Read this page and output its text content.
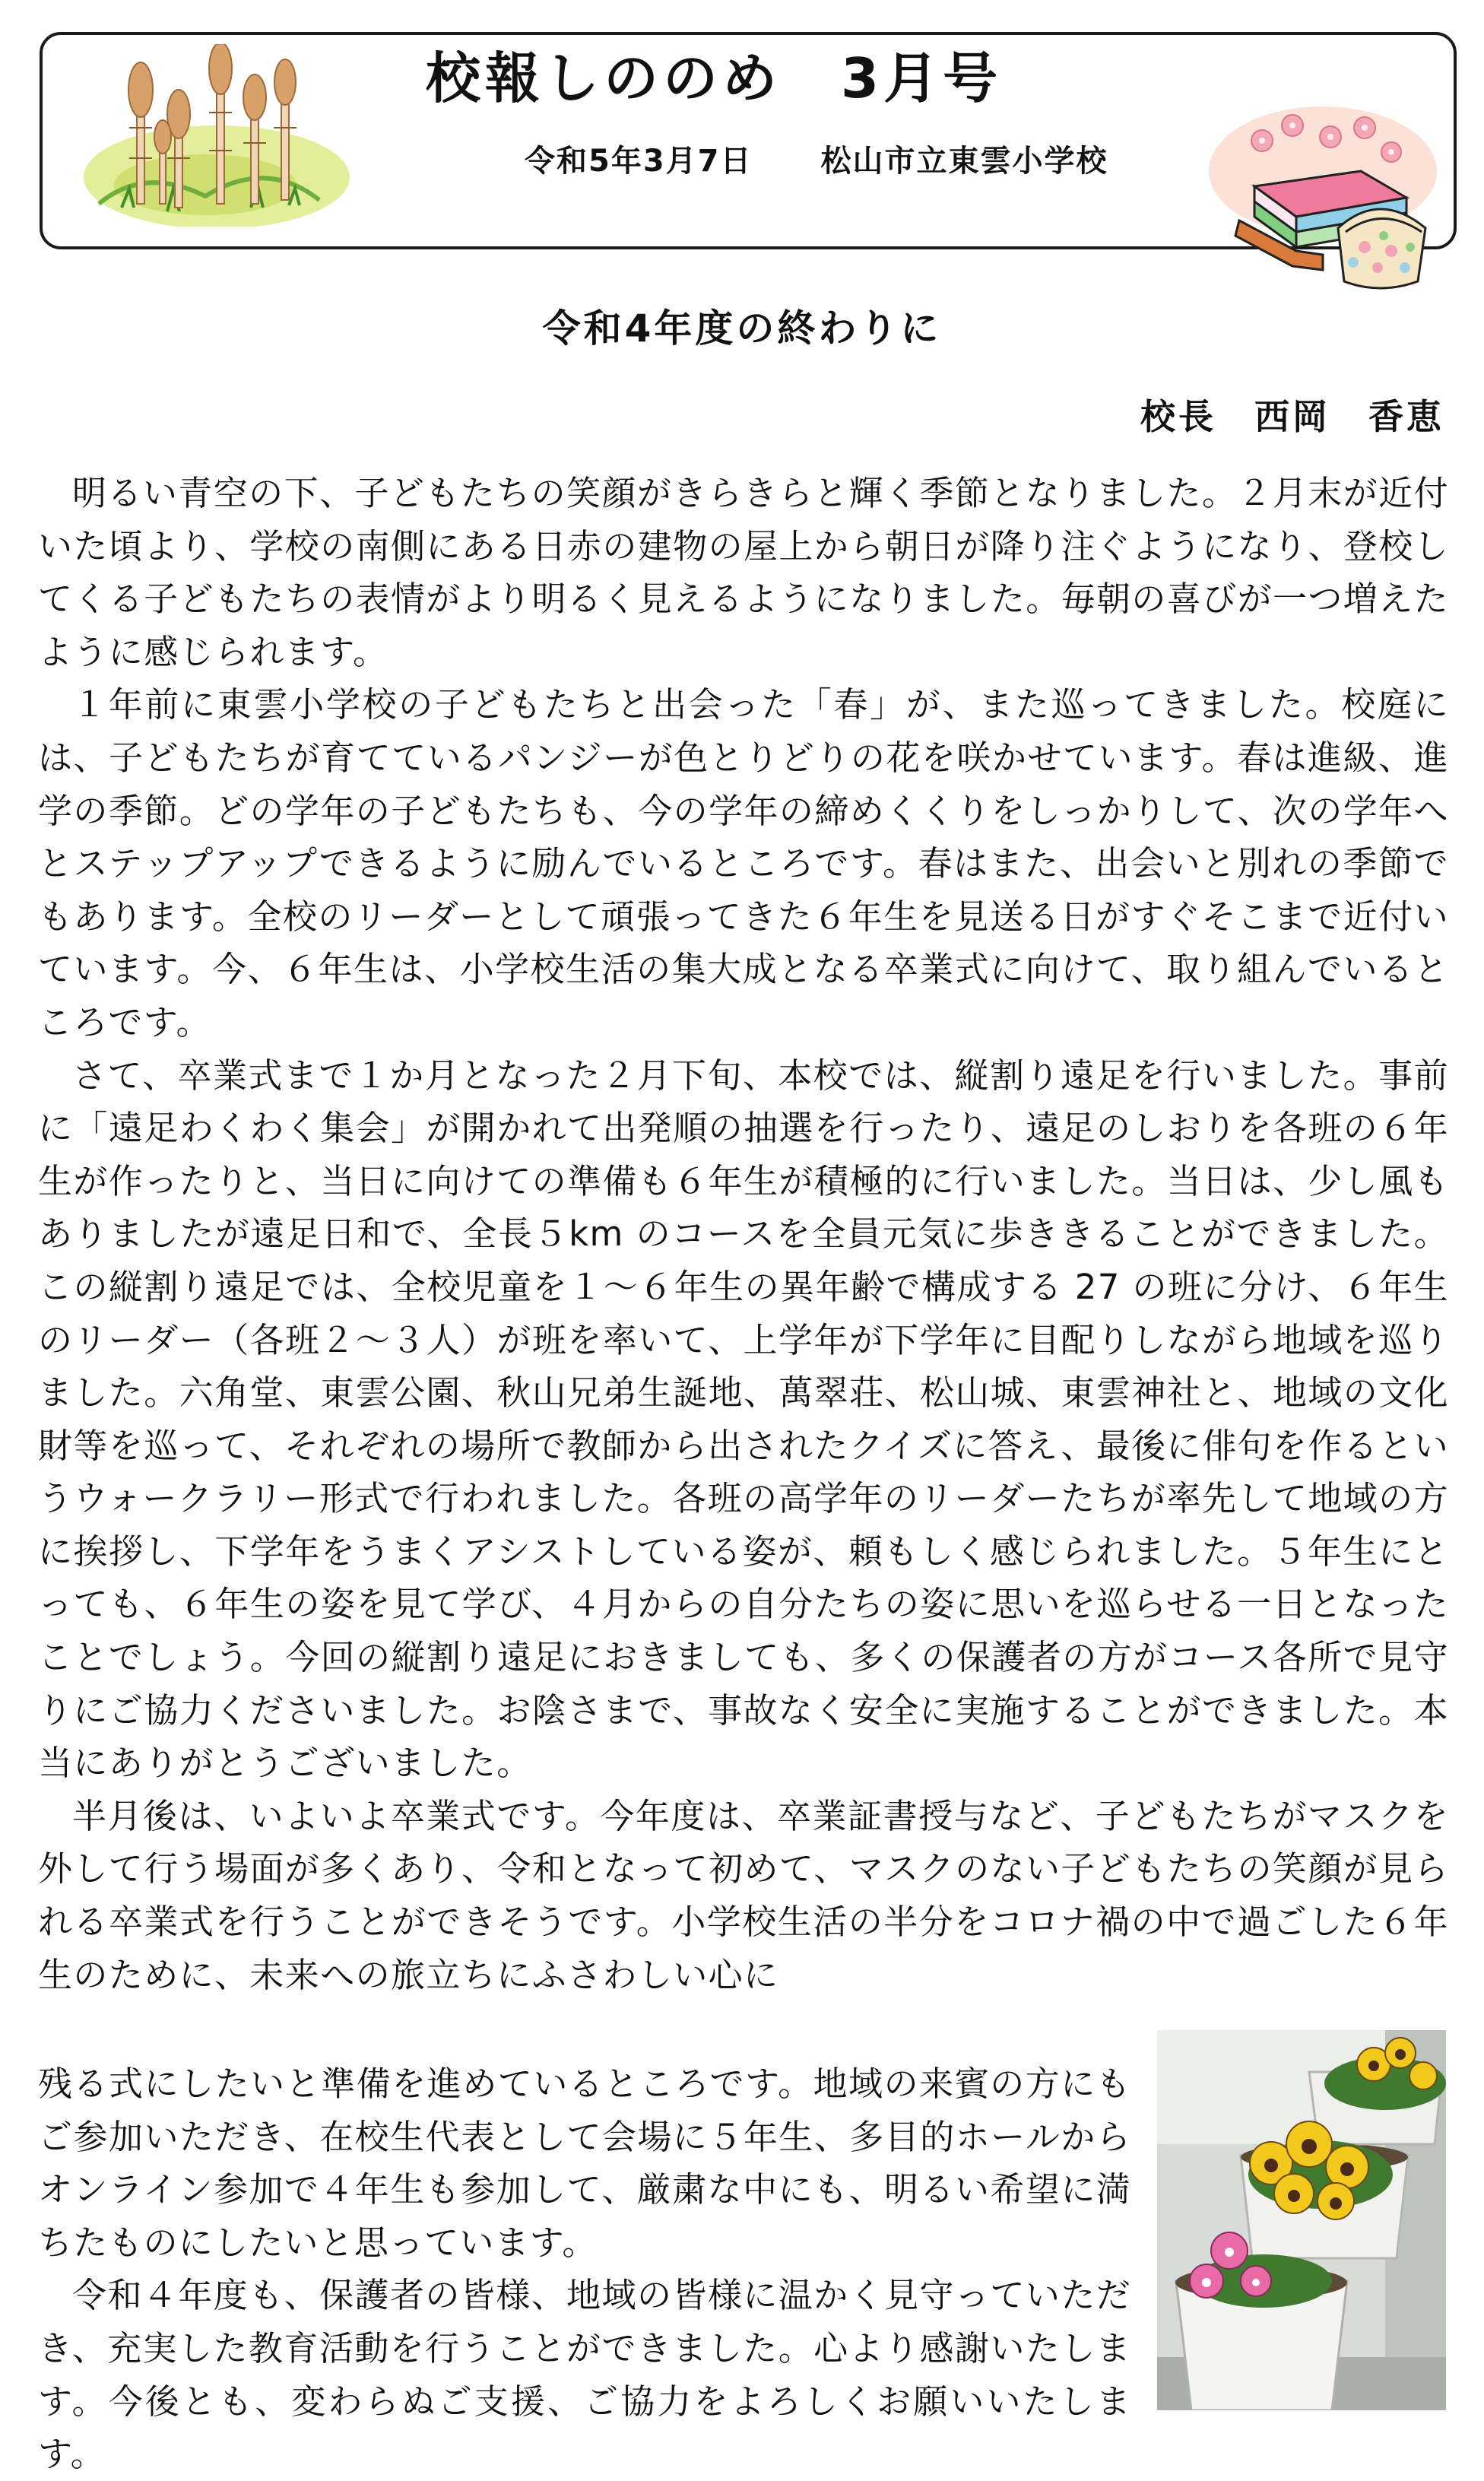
校報しののめ　3月号
令和5年3月7日 松山市立東雲小学校
令和4年度の終わりに
校長　西岡　香恵

明るい青空の下、子どもたちの笑顔がきらきらと輝く季節となりました。２月末が近付いた頃より、学校の南側にある日赤の建物の屋上から朝日が降り注ぐようになり、登校してくる子どもたちの表情がより明るく見えるようになりました。毎朝の喜びが一つ増えたように感じられます。

１年前に東雲小学校の子どもたちと出会った「春」が、また巡ってきました。校庭には、子どもたちが育てているパンジーが色とりどりの花を咲かせています。春は進級、進学の季節。どの学年の子どもたちも、今の学年の締めくくりをしっかりして、次の学年へとステップアップできるように励んでいるところです。春はまた、出会いと別れの季節でもあります。全校のリーダーとして頑張ってきた６年生を見送る日がすぐそこまで近付いています。今、６年生は、小学校生活の集大成となる卒業式に向けて、取り組んでいるところです。

さて、卒業式まで１か月となった２月下旬、本校では、縦割り遠足を行いました。事前に「遠足わくわく集会」が開かれて出発順の抽選を行ったり、遠足のしおりを各班の６年生が作ったりと、当日に向けての準備も６年生が積極的に行いました。当日は、少し風もありましたが遠足日和で、全長５km のコースを全員元気に歩ききることができました。この縦割り遠足では、全校児童を１～６年生の異年齢で構成する 27 の班に分け、６年生のリーダー（各班２～３人）が班を率いて、上学年が下学年に目配りしながら地域を巡りました。六角堂、東雲公園、秋山兄弟生誕地、萬翠荘、松山城、東雲神社と、地域の文化財等を巡って、それぞれの場所で教師から出されたクイズに答え、最後に俳句を作るというウォークラリー形式で行われました。各班の高学年のリーダーたちが率先して地域の方に挨拶し、下学年をうまくアシストしている姿が、頼もしく感じられました。５年生にとっても、６年生の姿を見て学び、４月からの自分たちの姿に思いを巡らせる一日となったことでしょう。今回の縦割り遠足におきましても、多くの保護者の方がコース各所で見守りにご協力くださいました。お陰さまで、事故なく安全に実施することができました。本当にありがとうございました。

半月後は、いよいよ卒業式です。今年度は、卒業証書授与など、子どもたちがマスクを外して行う場面が多くあり、令和となって初めて、マスクのない子どもたちの笑顔が見られる卒業式を行うことができそうです。小学校生活の半分をコロナ禍の中で過ごした６年生のために、未来への旅立ちにふさわしい心に

残る式にしたいと準備を進めているところです。地域の来賓の方にもご参加いただき、在校生代表として会場に５年生、多目的ホールからオンライン参加で４年生も参加して、厳粛な中にも、明るい希望に満ちたものにしたいと思っています。

令和４年度も、保護者の皆様、地域の皆様に温かく見守っていただき、充実した教育活動を行うことができました。心より感謝いたします。今後とも、変わらぬご支援、ご協力をよろしくお願いいたします。
